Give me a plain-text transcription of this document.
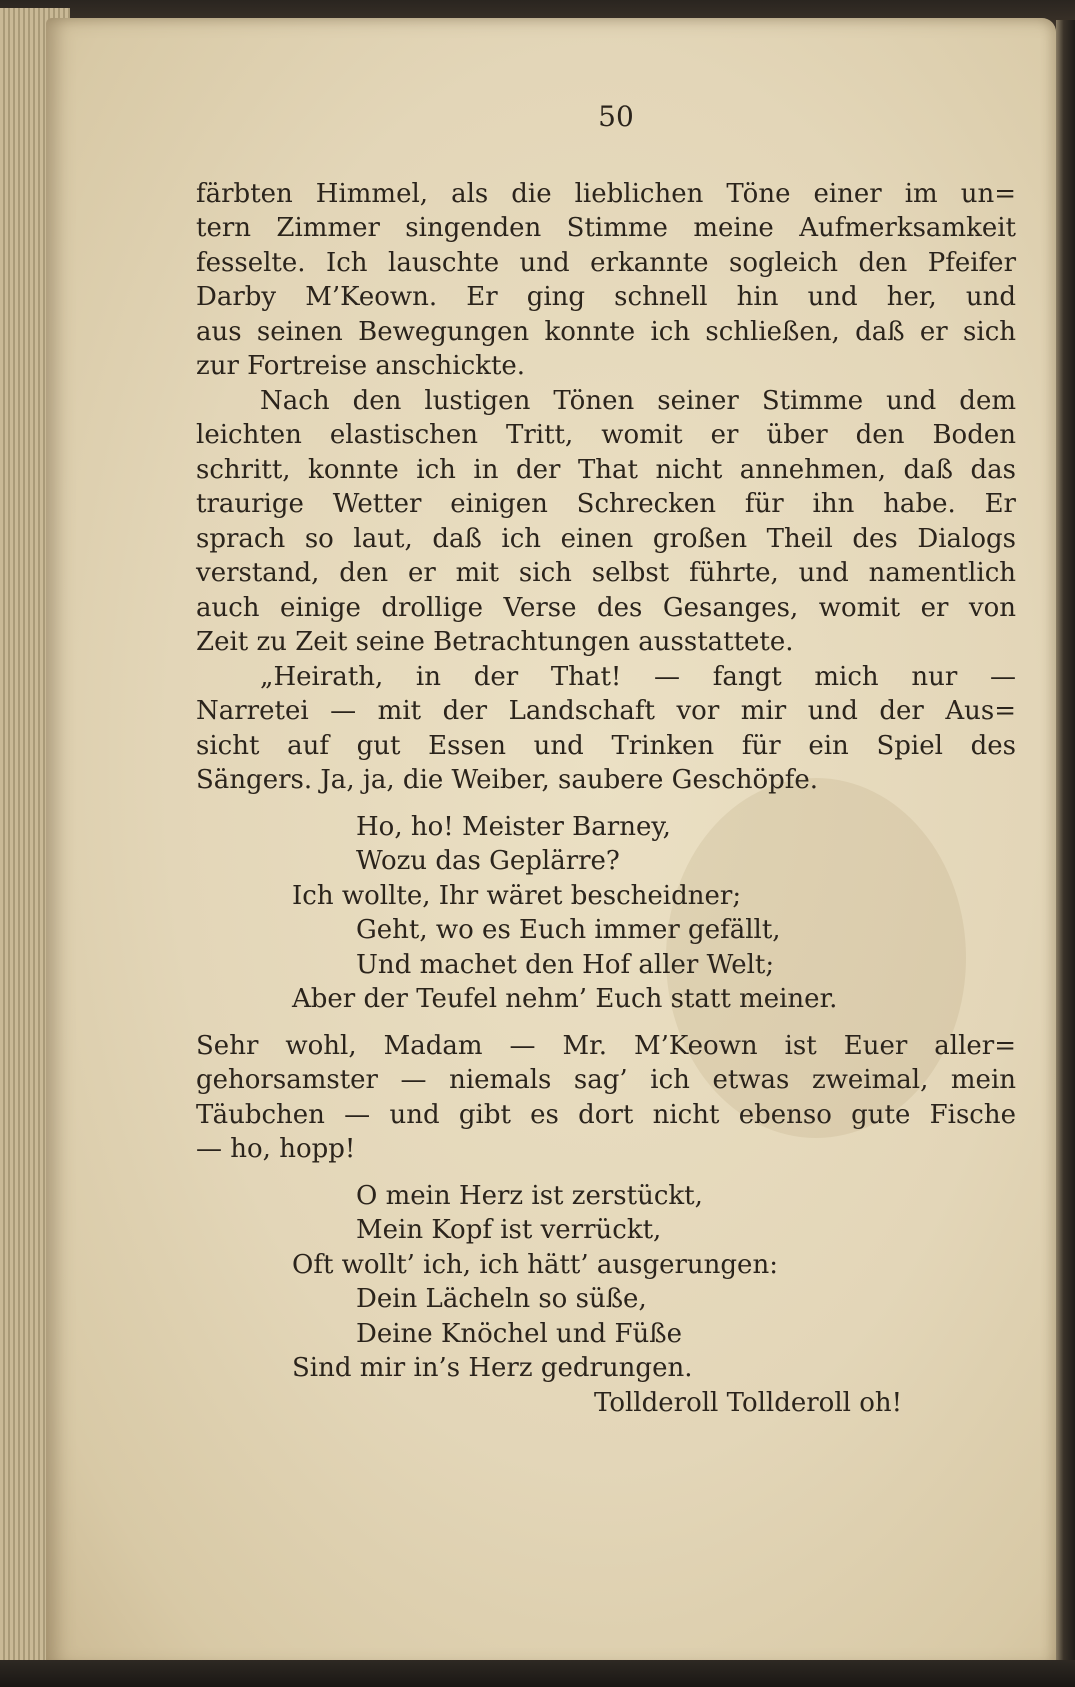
50

färbten Himmel, als die lieblichen Töne einer im un=
tern Zimmer singenden Stimme meine Aufmerksamkeit
fesselte. Ich lauschte und erkannte sogleich den Pfeifer
Darby M’Keown. Er ging schnell hin und her, und
aus seinen Bewegungen konnte ich schließen, daß er sich
zur Fortreise anschickte.

Nach den lustigen Tönen seiner Stimme und dem
leichten elastischen Tritt, womit er über den Boden
schritt, konnte ich in der That nicht annehmen, daß das
traurige Wetter einigen Schrecken für ihn habe. Er
sprach so laut, daß ich einen großen Theil des Dialogs
verstand, den er mit sich selbst führte, und namentlich
auch einige drollige Verse des Gesanges, womit er von
Zeit zu Zeit seine Betrachtungen ausstattete.

„Heirath, in der That! — fangt mich nur —
Narretei — mit der Landschaft vor mir und der Aus=
sicht auf gut Essen und Trinken für ein Spiel des
Sängers. Ja, ja, die Weiber, saubere Geschöpfe.

Ho, ho! Meister Barney,
Wozu das Geplärre?
Ich wollte, Ihr wäret bescheidner;
Geht, wo es Euch immer gefällt,
Und machet den Hof aller Welt;
Aber der Teufel nehm’ Euch statt meiner.

Sehr wohl, Madam — Mr. M’Keown ist Euer aller=
gehorsamster — niemals sag’ ich etwas zweimal, mein
Täubchen — und gibt es dort nicht ebenso gute Fische
— ho, hopp!

O mein Herz ist zerstückt,
Mein Kopf ist verrückt,
Oft wollt’ ich, ich hätt’ ausgerungen:
Dein Lächeln so süße,
Deine Knöchel und Füße
Sind mir in’s Herz gedrungen.
Tollderoll Tollderoll oh!
